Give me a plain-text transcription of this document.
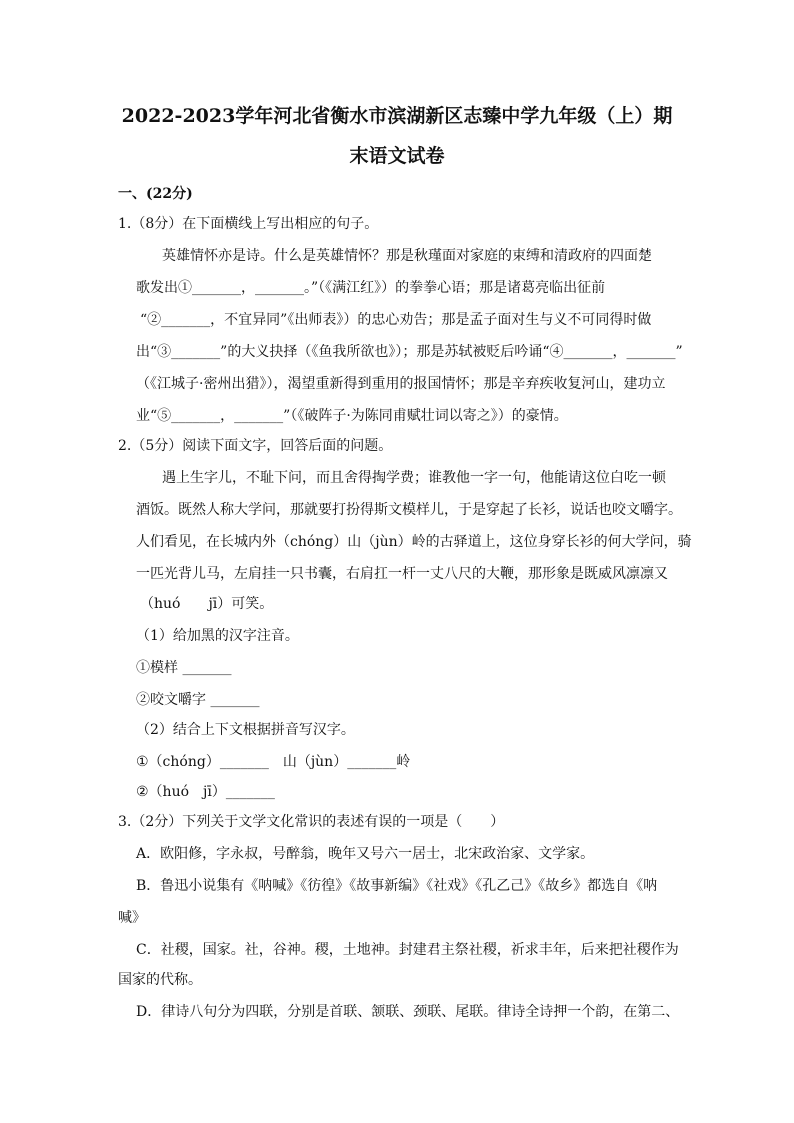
2022-2023学年河北省衡水市滨湖新区志臻中学九年级（上）期
末语文试卷
一、(22分)
1.（8分）在下面横线上写出相应的句子。
英雄情怀亦是诗。什么是英雄情怀？那是秋瑾面对家庭的束缚和清政府的四面楚
歌发出①_______，_______。”（《满江红》）的拳拳心语；那是诸葛亮临出征前
“②_______，不宜异同”《出师表》）的忠心劝告；那是孟子面对生与义不可同得时做
出“③_______”的大义抉择（《鱼我所欲也》）；那是苏轼被贬后吟诵“④_______，_______”
（《江城子·密州出猎》），渴望重新得到重用的报国情怀；那是辛弃疾收复河山，建功立
业“⑤_______，_______”（《破阵子·为陈同甫赋壮词以寄之》）的豪情。
2.（5分）阅读下面文字，回答后面的问题。
遇上生字儿，不耻下问，而且舍得掏学费；谁教他一字一句，他能请这位白吃一顿
酒饭。既然人称大学问，那就要打扮得斯文模样儿，于是穿起了长衫，说话也咬文嚼字。
人们看见，在长城内外（chóng）山（jùn）岭的古驿道上，这位身穿长衫的何大学问，骑
一匹光背儿马，左肩挂一只书囊，右肩扛一杆一丈八尺的大鞭，那形象是既威风凛凛又
（huó　　jī）可笑。
（1）给加黑的汉字注音。
①模样 _______
②咬文嚼字 _______
（2）结合上下文根据拼音写汉字。
①（chóng）_______　山（jùn）_______岭
②（huó　jī）_______
3.（2分）下列关于文学文化常识的表述有误的一项是（　　）
A．欧阳修，字永叔，号醉翁，晚年又号六一居士，北宋政治家、文学家。
B．鲁迅小说集有《呐喊》《彷徨》《故事新编》《社戏》《孔乙己》《故乡》都选自《呐
喊》
C．社稷，国家。社，谷神。稷，土地神。封建君主祭社稷，祈求丰年，后来把社稷作为
国家的代称。
D．律诗八句分为四联，分别是首联、颔联、颈联、尾联。律诗全诗押一个韵，在第二、
